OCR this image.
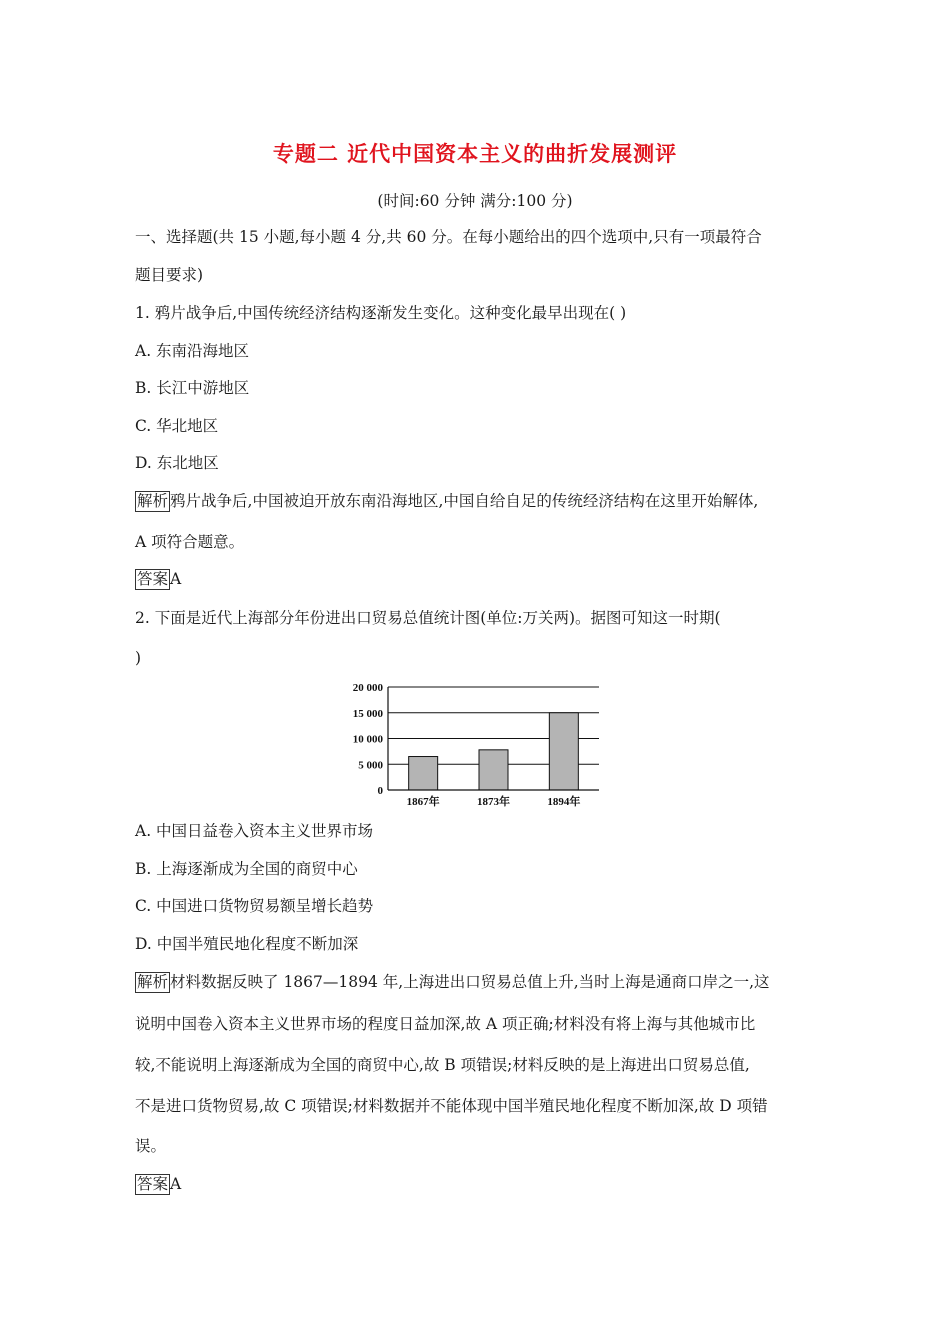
专题二 近代中国资本主义的曲折发展测评
(时间:60 分钟 满分:100 分)
一、选择题(共 15 小题,每小题 4 分,共 60 分。在每小题给出的四个选项中,只有一项最符合
题目要求)
1. 鸦片战争后,中国传统经济结构逐渐发生变化。这种变化最早出现在( )
A. 东南沿海地区
B. 长江中游地区
C. 华北地区
D. 东北地区
解析 鸦片战争后,中国被迫开放东南沿海地区,中国自给自足的传统经济结构在这里开始解体,
A 项符合题意。
答案 A
2. 下面是近代上海部分年份进出口贸易总值统计图(单位:万关两)。据图可知这一时期(
)
0
5 000
10 000
15 000
20 000
1867年	1873年	1894年
A. 中国日益卷入资本主义世界市场
B. 上海逐渐成为全国的商贸中心
C. 中国进口货物贸易额呈增长趋势
D. 中国半殖民地化程度不断加深
解析 材料数据反映了 1867—1894 年,上海进出口贸易总值上升,当时上海是通商口岸之一,这
说明中国卷入资本主义世界市场的程度日益加深,故 A 项正确;材料没有将上海与其他城市比
较,不能说明上海逐渐成为全国的商贸中心,故 B 项错误;材料反映的是上海进出口贸易总值,
不是进口货物贸易,故 C 项错误;材料数据并不能体现中国半殖民地化程度不断加深,故 D 项错
误。
答案 A
